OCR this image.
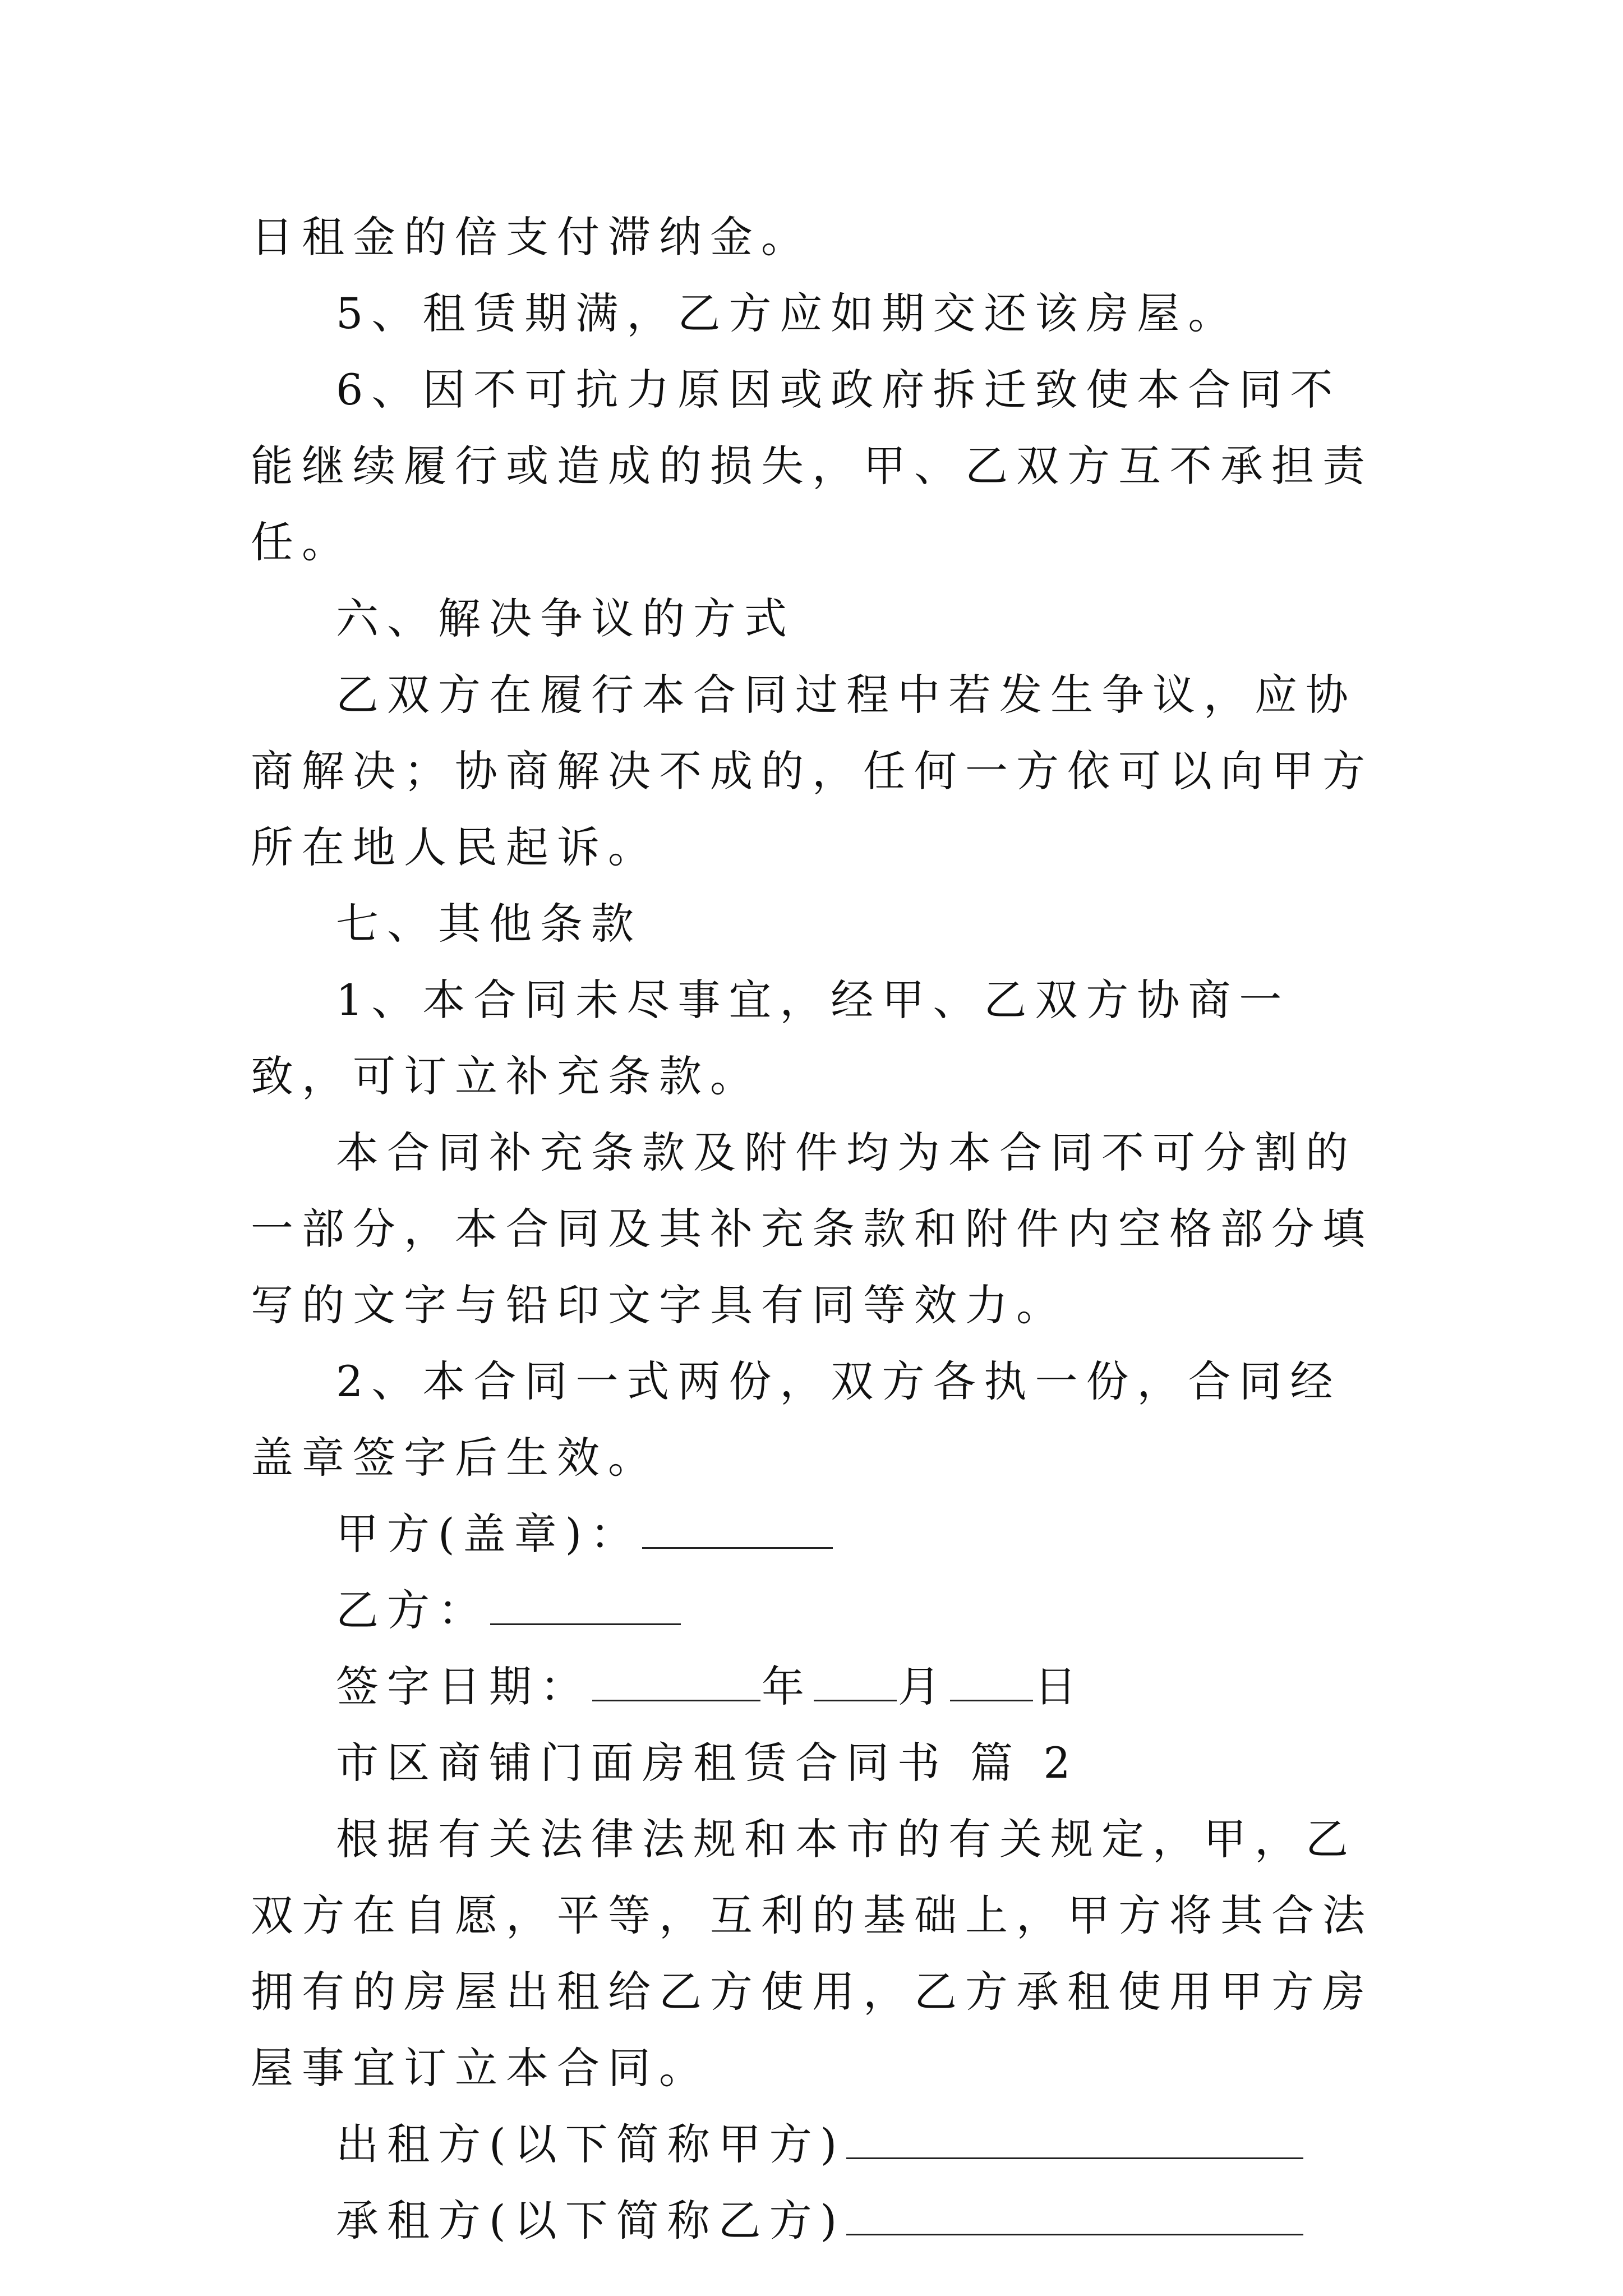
日租金的倍支付滞纳金。

5、租赁期满，乙方应如期交还该房屋。

6、因不可抗力原因或政府拆迁致使本合同不能继续履行或造成的损失，甲、乙双方互不承担责任。

六、解决争议的方式

乙双方在履行本合同过程中若发生争议，应协商解决；协商解决不成的，任何一方依可以向甲方所在地人民起诉。

七、其他条款

1、本合同未尽事宜，经甲、乙双方协商一致，可订立补充条款。

本合同补充条款及附件均为本合同不可分割的一部分，本合同及其补充条款和附件内空格部分填写的文字与铅印文字具有同等效力。

2、本合同一式两份，双方各执一份，合同经盖章签字后生效。

甲方(盖章)：

乙方：

签字日期：	年 月 日

市区商铺门面房租赁合同书 篇 2

根据有关法律法规和本市的有关规定，甲，乙双方在自愿，平等，互利的基础上，甲方将其合法拥有的房屋出租给乙方使用，乙方承租使用甲方房屋事宜订立本合同。

出租方(以下简称甲方)

承租方(以下简称乙方)
